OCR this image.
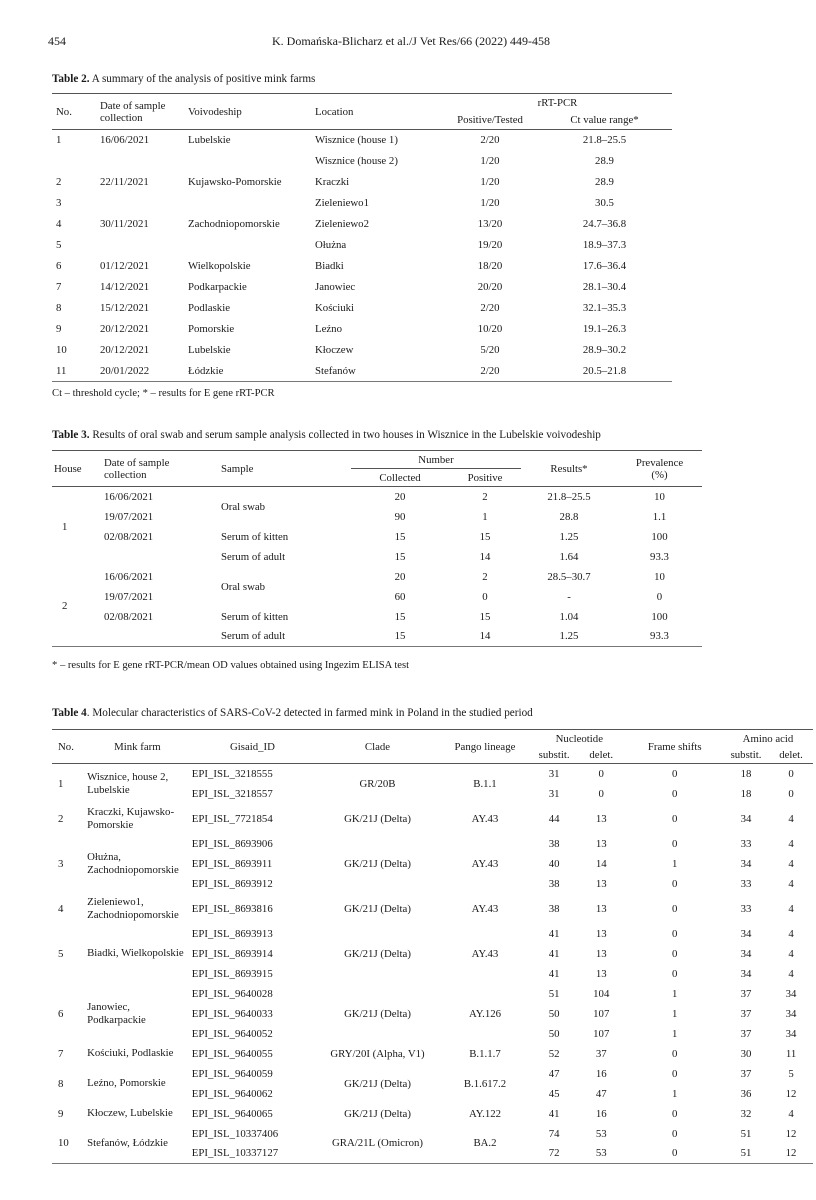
454	K. Domańska-Blicharz et al./J Vet Res/66 (2022) 449-458
Table 2. A summary of the analysis of positive mink farms
No.	Date of sample collection	Voivodeship	Location	rRT-PCR	
				Positive/Tested	Ct value range*
1	16/06/2021	Lubelskie	Wisznice (house 1)	2/20	21.8–25.5
			Wisznice (house 2)	1/20	28.9
2	22/11/2021	Kujawsko-Pomorskie	Kraczki	1/20	28.9
3			Zieleniewo1	1/20	30.5
4	30/11/2021	Zachodniopomorskie	Zieleniewo2	13/20	24.7–36.8
5			Ołużna	19/20	18.9–37.3
6	01/12/2021	Wielkopolskie	Biadki	18/20	17.6–36.4
7	14/12/2021	Podkarpackie	Janowiec	20/20	28.1–30.4
8	15/12/2021	Podlaskie	Kościuki	2/20	32.1–35.3
9	20/12/2021	Pomorskie	Leźno	10/20	19.1–26.3
10	20/12/2021	Lubelskie	Kłoczew	5/20	28.9–30.2
11	20/01/2022	Łódzkie	Stefanów	2/20	20.5–21.8
Ct – threshold cycle; * – results for E gene rRT-PCR
Table 3. Results of oral swab and serum sample analysis collected in two houses in Wisznice in the Lubelskie voivodeship
House	Date of sample collection	Sample	Number		Results*	Prevalence (%)
			Collected	Positive		
1	16/06/2021	Oral swab	20	2	21.8–25.5	10
	19/07/2021		90	1	28.8	1.1
	02/08/2021	Serum of kitten	15	15	1.25	100
		Serum of adult	15	14	1.64	93.3
2	16/06/2021	Oral swab	20	2	28.5–30.7	10
	19/07/2021		60	0	-	0
	02/08/2021	Serum of kitten	15	15	1.04	100
		Serum of adult	15	14	1.25	93.3
* – results for E gene rRT-PCR/mean OD values obtained using Ingezim ELISA test
Table 4. Molecular characteristics of SARS-CoV-2 detected in farmed mink in Poland in the studied period
No.	Mink farm	Gisaid_ID	Clade	Pango lineage	Nucleotide		Frame shifts	Amino acid	
					substit.	delet.		substit.	delet.
1	Wisznice, house 2, Lubelskie	EPI_ISL_3218555	GR/20B	B.1.1	31	0	0	18	0
		EPI_ISL_3218557			31	0	0	18	0
2	Kraczki, Kujawsko-Pomorskie	EPI_ISL_7721854	GK/21J (Delta)	AY.43	44	13	0	34	4
3	Ołużna, Zachodniopomorskie	EPI_ISL_8693906	GK/21J (Delta)	AY.43	38	13	0	33	4
		EPI_ISL_8693911			40	14	1	34	4
		EPI_ISL_8693912			38	13	0	33	4
4	Zieleniewo1, Zachodniopomorskie	EPI_ISL_8693816	GK/21J (Delta)	AY.43	38	13	0	33	4
5	Biadki, Wielkopolskie	EPI_ISL_8693913	GK/21J (Delta)	AY.43	41	13	0	34	4
		EPI_ISL_8693914			41	13	0	34	4
		EPI_ISL_8693915			41	13	0	34	4
6	Janowiec, Podkarpackie	EPI_ISL_9640028	GK/21J (Delta)	AY.126	51	104	1	37	34
		EPI_ISL_9640033			50	107	1	37	34
		EPI_ISL_9640052			50	107	1	37	34
7	Kościuki, Podlaskie	EPI_ISL_9640055	GRY/20I (Alpha, V1)	B.1.1.7	52	37	0	30	11
8	Leźno, Pomorskie	EPI_ISL_9640059	GK/21J (Delta)	B.1.617.2	47	16	0	37	5
		EPI_ISL_9640062			45	47	1	36	12
9	Kłoczew, Lubelskie	EPI_ISL_9640065	GK/21J (Delta)	AY.122	41	16	0	32	4
10	Stefanów, Łódzkie	EPI_ISL_10337406	GRA/21L (Omicron)	BA.2	74	53	0	51	12
		EPI_ISL_10337127			72	53	0	51	12
